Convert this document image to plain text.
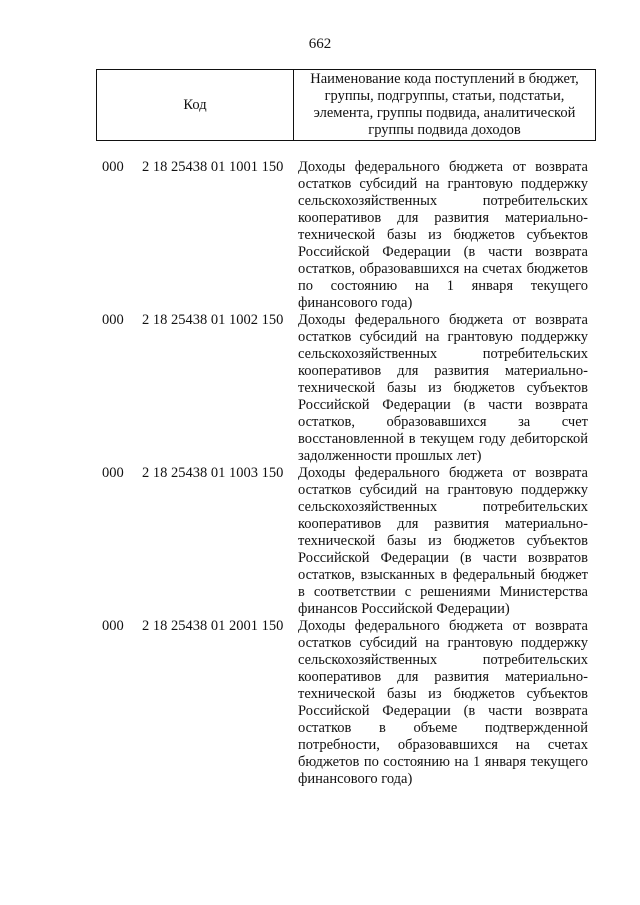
662
Код
Наименование кода поступлений в бюджет, группы, подгруппы, статьи, подстатьи, элемента, группы подвида, аналитической группы подвида доходов
000 2 18 25438 01 1001 150 Доходы федерального бюджета от возврата остатков субсидий на грантовую поддержку сельскохозяйственных потребительских кооперативов для развития материально-технической базы из бюджетов субъектов Российской Федерации (в части возврата остатков, образовавшихся на счетах бюджетов по состоянию на 1 января текущего финансового года)
000 2 18 25438 01 1002 150 Доходы федерального бюджета от возврата остатков субсидий на грантовую поддержку сельскохозяйственных потребительских кооперативов для развития материально-технической базы из бюджетов субъектов Российской Федерации (в части возврата остатков, образовавшихся за счет восстановленной в текущем году дебиторской задолженности прошлых лет)
000 2 18 25438 01 1003 150 Доходы федерального бюджета от возврата остатков субсидий на грантовую поддержку сельскохозяйственных потребительских кооперативов для развития материально-технической базы из бюджетов субъектов Российской Федерации (в части возвратов остатков, взысканных в федеральный бюджет в соответствии с решениями Министерства финансов Российской Федерации)
000 2 18 25438 01 2001 150 Доходы федерального бюджета от возврата остатков субсидий на грантовую поддержку сельскохозяйственных потребительских кооперативов для развития материально-технической базы из бюджетов субъектов Российской Федерации (в части возврата остатков в объеме подтвержденной потребности, образовавшихся на счетах бюджетов по состоянию на 1 января текущего финансового года)
